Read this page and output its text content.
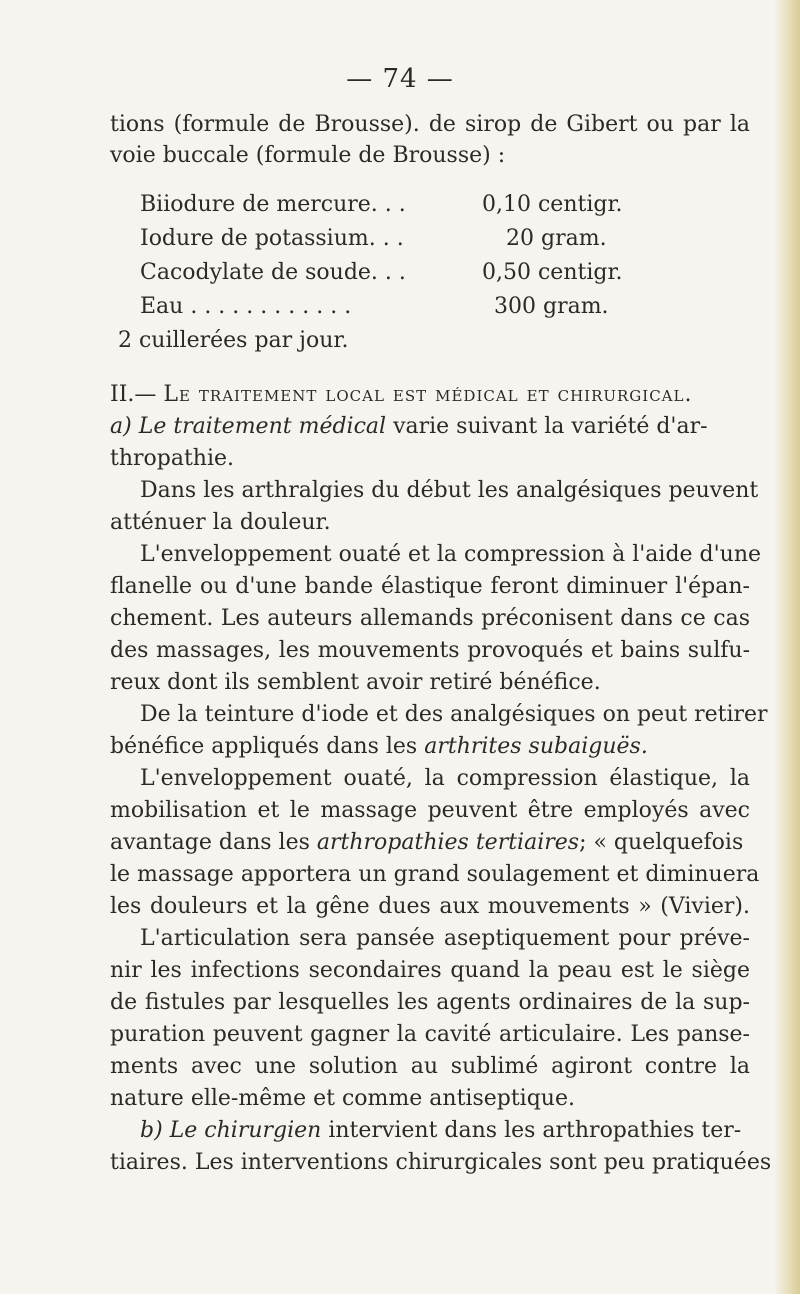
— 74 —
tions (formule de Brousse). de sirop de Gibert ou par la
voie buccale (formule de Brousse) :
Biiodure de mercure. . .	0,10 centigr.
Iodure de potassium. . .	20 gram.
Cacodylate de soude. . .	0,50 centigr.
Eau . . . . . . . . . . . .	300 gram.
2 cuillerées par jour.
II.— Le traitement local est médical et chirurgical.
a) Le traitement médical varie suivant la variété d'ar-
thropathie.
Dans les arthralgies du début les analgésiques peuvent
atténuer la douleur.
L'enveloppement ouaté et la compression à l'aide d'une
flanelle ou d'une bande élastique feront diminuer l'épan-
chement. Les auteurs allemands préconisent dans ce cas
des massages, les mouvements provoqués et bains sulfu-
reux dont ils semblent avoir retiré bénéfice.
De la teinture d'iode et des analgésiques on peut retirer
bénéfice appliqués dans les arthrites subaiguës.
L'enveloppement ouaté, la compression élastique, la
mobilisation et le massage peuvent être employés avec
avantage dans les arthropathies tertiaires; « quelquefois
le massage apportera un grand soulagement et diminuera
les douleurs et la gêne dues aux mouvements » (Vivier).
L'articulation sera pansée aseptiquement pour préve-
nir les infections secondaires quand la peau est le siège
de fistules par lesquelles les agents ordinaires de la sup-
puration peuvent gagner la cavité articulaire. Les panse-
ments avec une solution au sublimé agiront contre la
nature elle-même et comme antiseptique.
b) Le chirurgien intervient dans les arthropathies ter-
tiaires. Les interventions chirurgicales sont peu pratiquées
